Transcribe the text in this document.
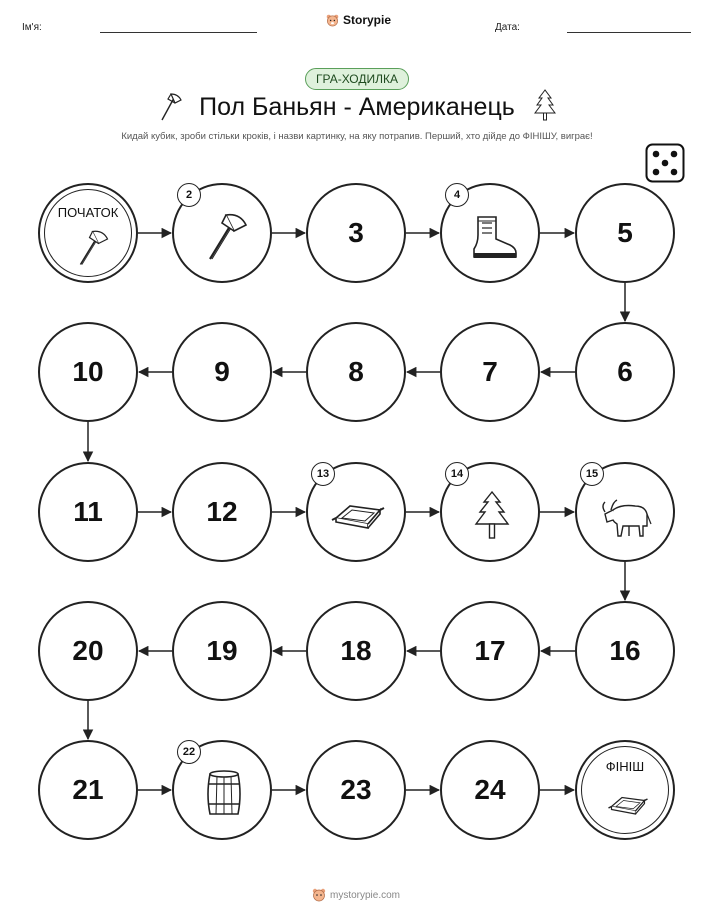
Ім'я:
Storypie
Дата:
ГРА-ХОДИЛКА
Пол Баньян - Американець
Кидай кубик, зроби стільки кроків, і назви картинку, на яку потрапив. Перший, хто дійде до ФІНІШУ, виграє!
ПОЧАТОК
2
3
4
5
6
7
8
9
10
11	12
13	14	15
16
17
18
19
20
21
22
23	24
ФІНІШ
mystorypie.com
